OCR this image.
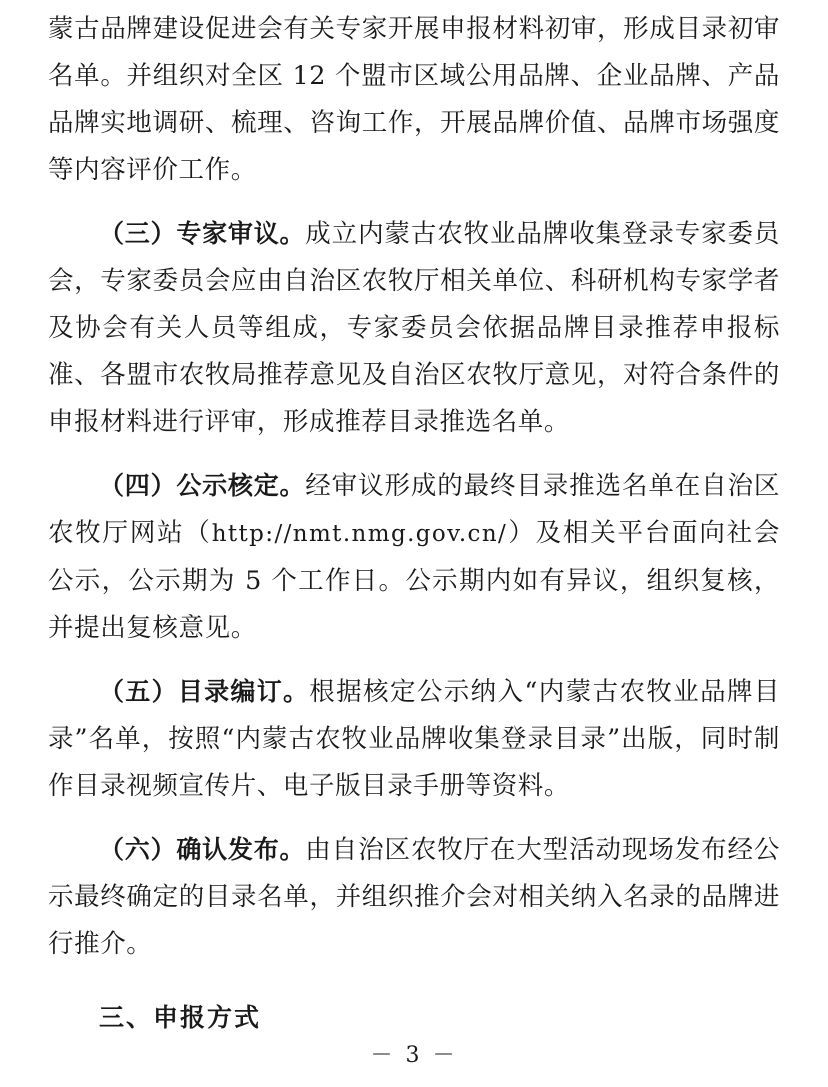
蒙古品牌建设促进会有关专家开展申报材料初审，形成目录初审名单。并组织对全区 12 个盟市区域公用品牌、企业品牌、产品品牌实地调研、梳理、咨询工作，开展品牌价值、品牌市场强度等内容评价工作。

（三）专家审议。成立内蒙古农牧业品牌收集登录专家委员会，专家委员会应由自治区农牧厅相关单位、科研机构专家学者及协会有关人员等组成，专家委员会依据品牌目录推荐申报标准、各盟市农牧局推荐意见及自治区农牧厅意见，对符合条件的申报材料进行评审，形成推荐目录推选名单。

（四）公示核定。经审议形成的最终目录推选名单在自治区农牧厅网站（http://nmt.nmg.gov.cn/）及相关平台面向社会公示，公示期为 5 个工作日。公示期内如有异议，组织复核，并提出复核意见。

（五）目录编订。根据核定公示纳入“内蒙古农牧业品牌目录”名单，按照“内蒙古农牧业品牌收集登录目录”出版，同时制作目录视频宣传片、电子版目录手册等资料。

（六）确认发布。由自治区农牧厅在大型活动现场发布经公示最终确定的目录名单，并组织推介会对相关纳入名录的品牌进行推介。

三、申报方式

－ 3 －
